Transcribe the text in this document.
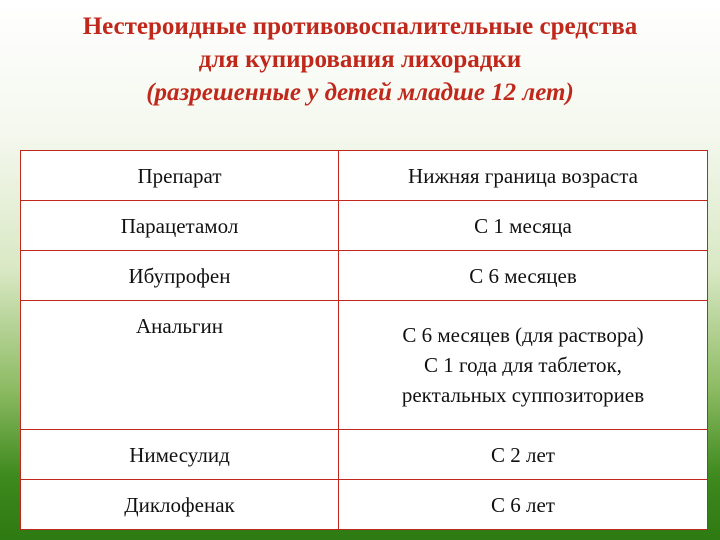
Нестероидные противовоспалительные средства
для купирования лихорадки
(разрешенные у детей младше 12 лет)
Препарат	Нижняя граница возраста
Парацетамол	С 1 месяца
Ибупрофен	С 6 месяцев
Анальгин	С 6 месяцев (для раствора)
С 1 года для таблеток,
ректальных суппозиториев

Нимесулид	С 2 лет
Диклофенак	С 6 лет
